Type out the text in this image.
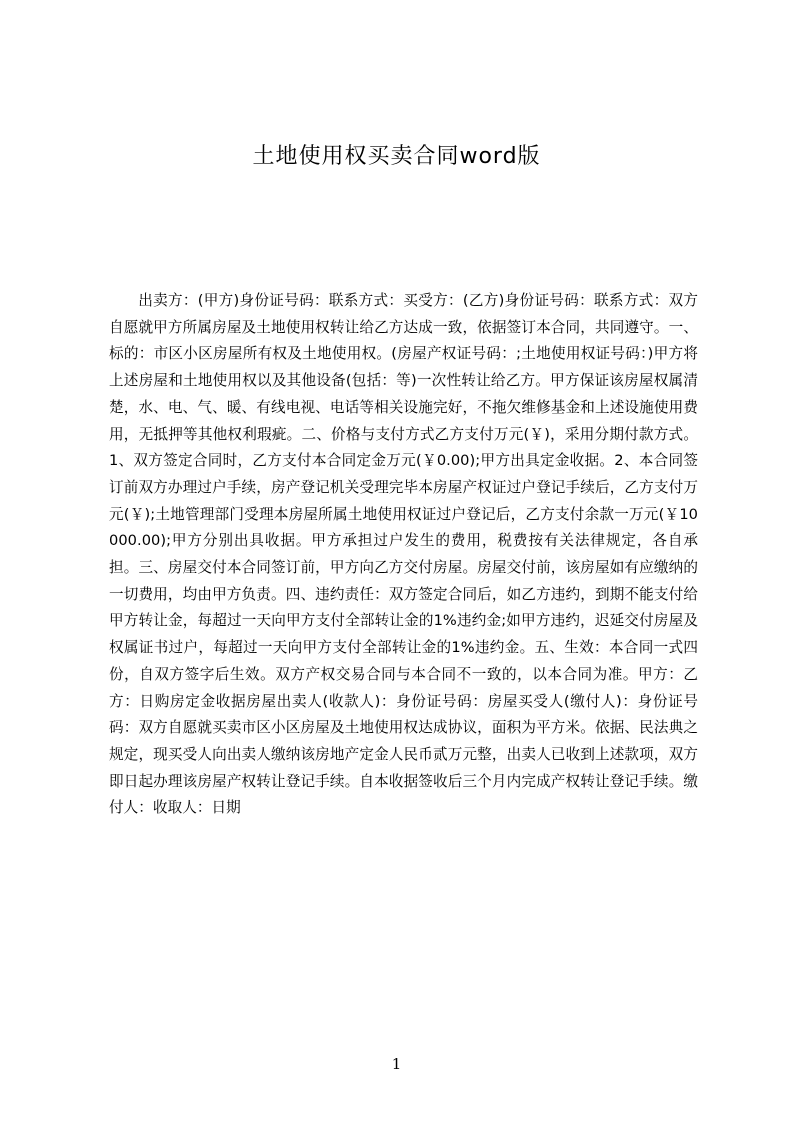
土地使用权买卖合同word版

出卖方：(甲方)身份证号码：联系方式：买受方：(乙方)身份证号码：联系方式：双方自愿就甲方所属房屋及土地使用权转让给乙方达成一致，依据签订本合同，共同遵守。一、标的：市区小区房屋所有权及土地使用权。(房屋产权证号码：;土地使用权证号码：)甲方将上述房屋和土地使用权以及其他设备(包括：等)一次性转让给乙方。甲方保证该房屋权属清楚，水、电、气、暖、有线电视、电话等相关设施完好，不拖欠维修基金和上述设施使用费用，无抵押等其他权利瑕疵。二、价格与支付方式乙方支付万元(￥)，采用分期付款方式。1、双方签定合同时，乙方支付本合同定金万元(￥0.00);甲方出具定金收据。2、本合同签订前双方办理过户手续，房产登记机关受理完毕本房屋产权证过户登记手续后，乙方支付万元(￥);土地管理部门受理本房屋所属土地使用权证过户登记后，乙方支付余款一万元(￥10000.00);甲方分别出具收据。甲方承担过户发生的费用，税费按有关法律规定，各自承担。三、房屋交付本合同签订前，甲方向乙方交付房屋。房屋交付前，该房屋如有应缴纳的一切费用，均由甲方负责。四、违约责任：双方签定合同后，如乙方违约，到期不能支付给甲方转让金，每超过一天向甲方支付全部转让金的1%违约金;如甲方违约，迟延交付房屋及权属证书过户，每超过一天向甲方支付全部转让金的1%违约金。五、生效：本合同一式四份，自双方签字后生效。双方产权交易合同与本合同不一致的，以本合同为准。甲方：乙方：日购房定金收据房屋出卖人(收款人)：身份证号码：房屋买受人(缴付人)：身份证号码：双方自愿就买卖市区小区房屋及土地使用权达成协议，面积为平方米。依据、民法典之规定，现买受人向出卖人缴纳该房地产定金人民币贰万元整，出卖人已收到上述款项，双方即日起办理该房屋产权转让登记手续。自本收据签收后三个月内完成产权转让登记手续。缴付人：收取人：日期

1
